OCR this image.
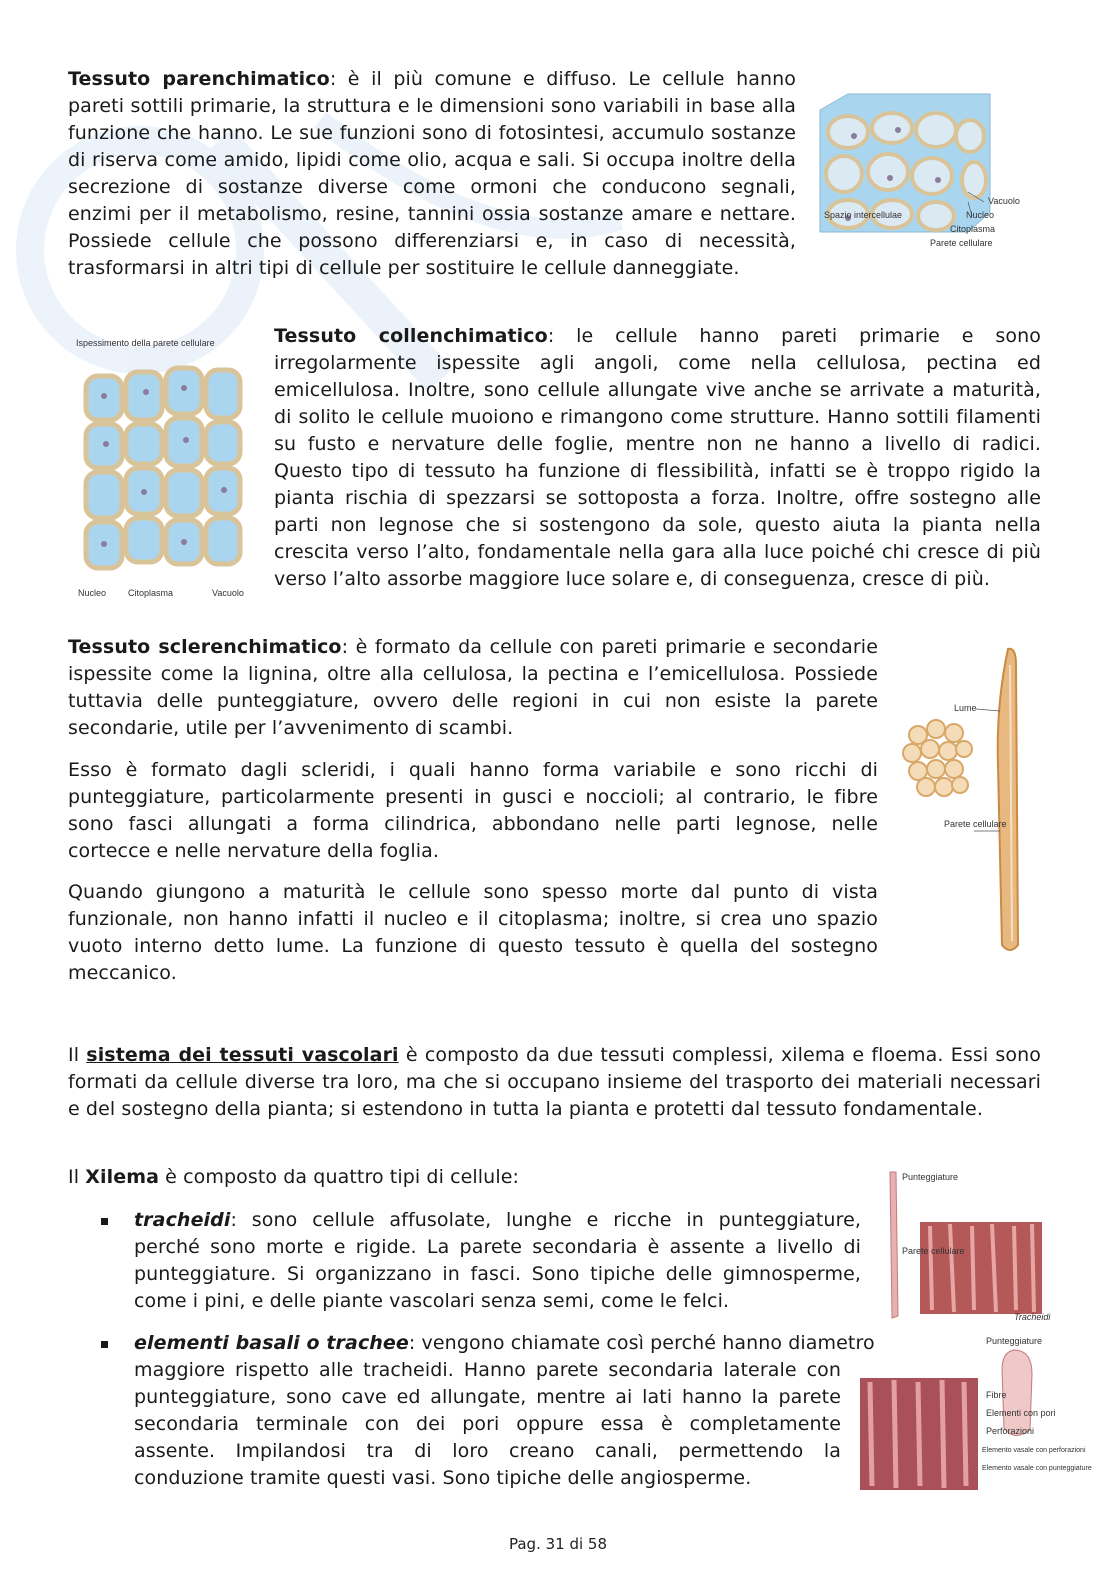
Tessuto parenchimatico: è il più comune e diffuso. Le cellule hanno pareti sottili primarie, la struttura e le dimensioni sono variabili in base alla funzione che hanno. Le sue funzioni sono di fotosintesi, accumulo sostanze di riserva come amido, lipidi come olio, acqua e sali. Si occupa inoltre della secrezione di sostanze diverse come ormoni che conducono segnali, enzimi per il metabolismo, resine, tannini ossia sostanze amare e nettare. Possiede cellule che possono differenziarsi e, in caso di necessità, trasformarsi in altri tipi di cellule per sostituire le cellule danneggiate.

Vacuolo
Nucleo
Citoplasma
Parete cellulare
Spazio intercellulae
Ispessimento della parete cellulare
Nucleo Citoplasma	Vacuolo

Tessuto collenchimatico: le cellule hanno pareti primarie e sono irregolarmente ispessite agli angoli, come nella cellulosa, pectina ed emicellulosa. Inoltre, sono cellule allungate vive anche se arrivate a maturità, di solito le cellule muoiono e rimangono come strutture. Hanno sottili filamenti su fusto e nervature delle foglie, mentre non ne hanno a livello di radici. Questo tipo di tessuto ha funzione di flessibilità, infatti se è troppo rigido la pianta rischia di spezzarsi se sottoposta a forza. Inoltre, offre sostegno alle parti non legnose che si sostengono da sole, questo aiuta la pianta nella crescita verso l’alto, fondamentale nella gara alla luce poiché chi cresce di più verso l’alto assorbe maggiore luce solare e, di conseguenza, cresce di più.

Tessuto sclerenchimatico: è formato da cellule con pareti primarie e secondarie ispessite come la lignina, oltre alla cellulosa, la pectina e l’emicellulosa. Possiede tuttavia delle punteggiature, ovvero delle regioni in cui non esiste la parete secondarie, utile per l’avvenimento di scambi.

Esso è formato dagli scleridi, i quali hanno forma variabile e sono ricchi di punteggiature, particolarmente presenti in gusci e noccioli; al contrario, le fibre sono fasci allungati a forma cilindrica, abbondano nelle parti legnose, nelle cortecce e nelle nervature della foglia.

Quando giungono a maturità le cellule sono spesso morte dal punto di vista funzionale, non hanno infatti il nucleo e il citoplasma; inoltre, si crea uno spazio vuoto interno detto lume. La funzione di questo tessuto è quella del sostegno meccanico.

Lume
Parete cellulare

Il sistema dei tessuti vascolari è composto da due tessuti complessi, xilema e floema. Essi sono formati da cellule diverse tra loro, ma che si occupano insieme del trasporto dei materiali necessari e del sostegno della pianta; si estendono in tutta la pianta e protetti dal tessuto fondamentale.

Il Xilema è composto da quattro tipi di cellule:

tracheidi: sono cellule affusolate, lunghe e ricche in punteggiature, perché sono morte e rigide. La parete secondaria è assente a livello di punteggiature. Si organizzano in fasci. Sono tipiche delle gimnosperme, come i pini, e delle piante vascolari senza semi, come le felci.

Punteggiature
Parete cellulare
Tracheidi

elementi basali o trachee: vengono chiamate così perché hanno diametro

maggiore rispetto alle tracheidi. Hanno parete secondaria laterale con punteggiature, sono cave ed allungate, mentre ai lati hanno la parete secondaria terminale con dei pori oppure essa è completamente assente. Impilandosi tra di loro creano canali, permettendo la conduzione tramite questi vasi. Sono tipiche delle angiosperme.

Punteggiature
Fibre
Elementi con pori
Perforazioni
Elemento vasale con perforazioni
Elemento vasale con punteggiature
Pag. 31 di 58
